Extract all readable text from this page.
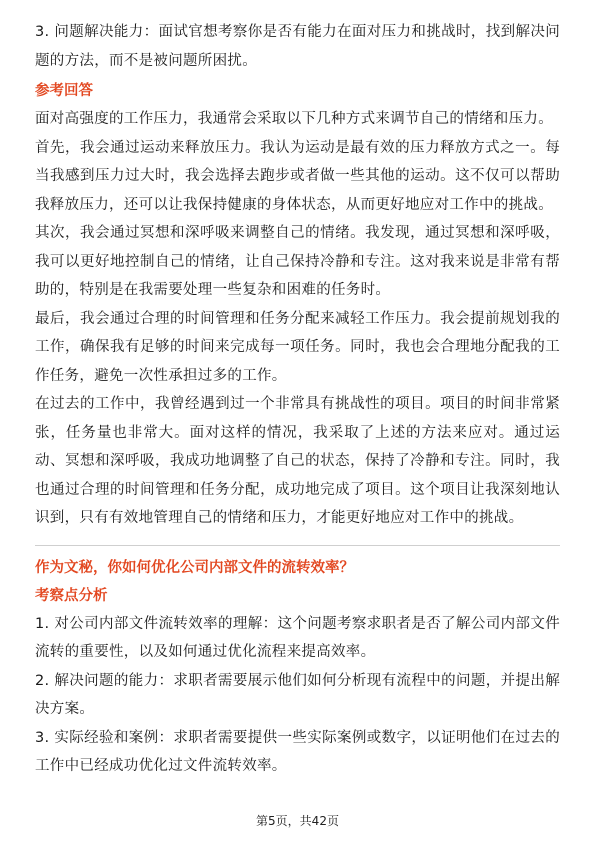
3. 问题解决能力：面试官想考察你是否有能力在面对压力和挑战时，找到解决问题的方法，而不是被问题所困扰。

参考回答

面对高强度的工作压力，我通常会采取以下几种方式来调节自己的情绪和压力。

首先，我会通过运动来释放压力。我认为运动是最有效的压力释放方式之一。每当我感到压力过大时，我会选择去跑步或者做一些其他的运动。这不仅可以帮助我释放压力，还可以让我保持健康的身体状态，从而更好地应对工作中的挑战。

其次，我会通过冥想和深呼吸来调整自己的情绪。我发现，通过冥想和深呼吸，我可以更好地控制自己的情绪，让自己保持冷静和专注。这对我来说是非常有帮助的，特别是在我需要处理一些复杂和困难的任务时。

最后，我会通过合理的时间管理和任务分配来减轻工作压力。我会提前规划我的工作，确保我有足够的时间来完成每一项任务。同时，我也会合理地分配我的工作任务，避免一次性承担过多的工作。

在过去的工作中，我曾经遇到过一个非常具有挑战性的项目。项目的时间非常紧张，任务量也非常大。面对这样的情况，我采取了上述的方法来应对。通过运动、冥想和深呼吸，我成功地调整了自己的状态，保持了冷静和专注。同时，我也通过合理的时间管理和任务分配，成功地完成了项目。这个项目让我深刻地认识到，只有有效地管理自己的情绪和压力，才能更好地应对工作中的挑战。

作为文秘，你如何优化公司内部文件的流转效率？

考察点分析

1. 对公司内部文件流转效率的理解：这个问题考察求职者是否了解公司内部文件流转的重要性，以及如何通过优化流程来提高效率。

2. 解决问题的能力：求职者需要展示他们如何分析现有流程中的问题，并提出解决方案。

3. 实际经验和案例：求职者需要提供一些实际案例或数字，以证明他们在过去的工作中已经成功优化过文件流转效率。

第5页，共42页
